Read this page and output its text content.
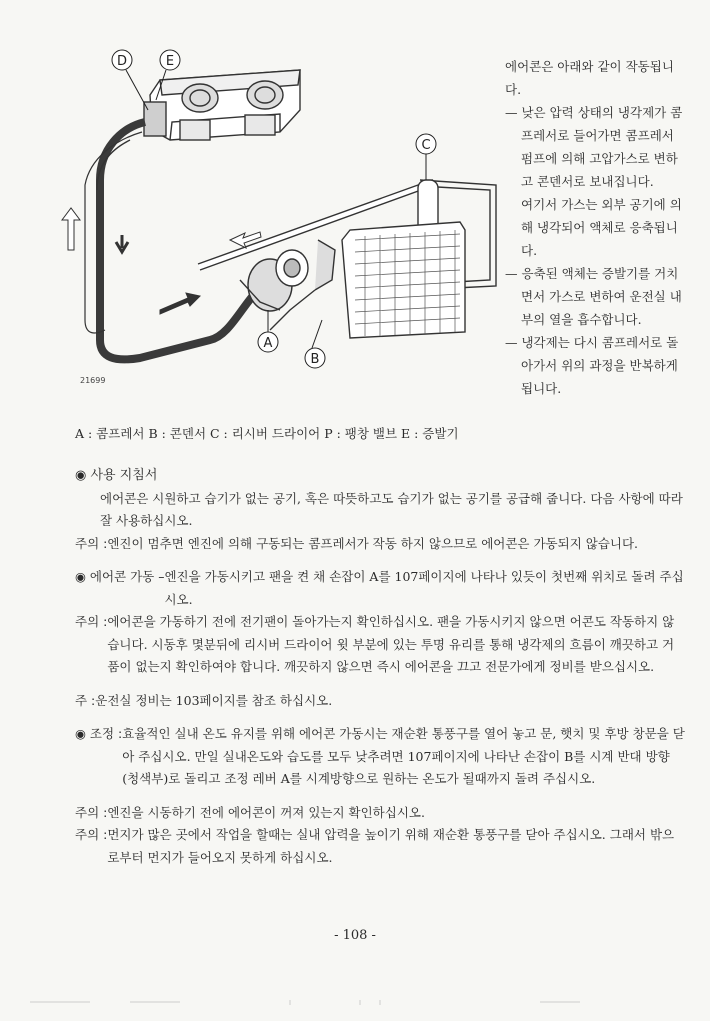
D	E
C
A
B
21699

에어콘은 아래와 같이 작동됩니다.

— 낮은 압력 상태의 냉각제가 콤프레서로 들어가면 콤프레서 펌프에 의해 고압가스로 변하고 콘덴서로 보내집니다.

여기서 가스는 외부 공기에 의해 냉각되어 액체로 응축됩니다.

— 응축된 액체는 증발기를 거치면서 가스로 변하여 운전실 내부의 열을 흡수합니다.

— 냉각제는 다시 콤프레서로 돌아가서 위의 과정을 반복하게 됩니다.

A : 콤프레서 B : 콘덴서 C : 리시버 드라이어 P : 팽창 밸브 E : 증발기

◉ 사용 지침서

에어콘은 시원하고 습기가 없는 공기, 혹은 따뜻하고도 습기가 없는 공기를 공급해 줍니다. 다음 사항에 따라 잘 사용하십시오.

주의 : 엔진이 멈추면 엔진에 의해 구동되는 콤프레서가 작동 하지 않으므로 에어콘은 가동되지 않습니다.
◉ 에어콘 가동 – 엔진을 가동시키고 팬을 켠 채 손잡이 A를 107페이지에 나타나 있듯이 첫번째 위치로 돌려 주십시오.
주의 : 에어콘을 가동하기 전에 전기팬이 돌아가는지 확인하십시오. 팬을 가동시키지 않으면 어콘도 작동하지 않습니다. 시동후 몇분뒤에 리시버 드라이어 윗 부분에 있는 투명 유리를 통해 냉각제의 흐름이 깨끗하고 거품이 없는지 확인하여야 합니다. 깨끗하지 않으면 즉시 에어콘을 끄고 전문가에게 정비를 받으십시오.
주 : 운전실 정비는 103페이지를 참조 하십시오.
◉ 조정 : 효율적인 실내 온도 유지를 위해 에어콘 가동시는 재순환 통풍구를 열어 놓고 문, 햇치 및 후방 창문을 닫아 주십시오. 만일 실내온도와 습도를 모두 낮추려면 107페이지에 나타난 손잡이 B를 시계 반대 방향(청색부)로 돌리고 조정 레버 A를 시계방향으로 원하는 온도가 될때까지 돌려 주십시오.
주의 : 엔진을 시동하기 전에 에어콘이 꺼져 있는지 확인하십시오.
주의 : 먼지가 많은 곳에서 작업을 할때는 실내 압력을 높이기 위해 재순환 통풍구를 닫아 주십시오. 그래서 밖으로부터 먼지가 들어오지 못하게 하십시오.
- 108 -
